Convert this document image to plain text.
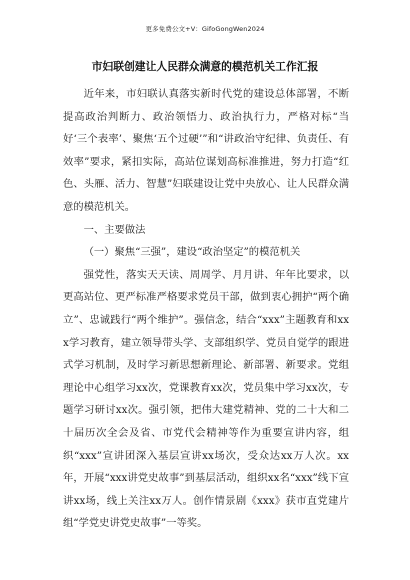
更多免费公文+V：GifoGongWen2024
市妇联创建让人民群众满意的模范机关工作汇报

近年来，市妇联认真落实新时代党的建设总体部署，不断提高政治判断力、政治领悟力、政治执行力，严格对标“当好‘三个表率’、聚焦‘五个过硬’”和“讲政治守纪律、负责任、有效率”要求，紧扣实际，高站位谋划高标准推进，努力打造“红色、头雁、活力、智慧”妇联建设让党中央放心、让人民群众满意的模范机关。

一、主要做法

（一）聚焦“三强”，建设“政治坚定”的模范机关

强党性，落实天天读、周周学、月月讲、年年比要求，以更高站位、更严标准严格要求党员干部，做到衷心拥护“两个确立”、忠诚践行“两个维护”。强信念，结合“xxx”主题教育和xxx学习教育，建立领导带头学、支部组织学、党员自觉学的跟进式学习机制，及时学习新思想新理论、新部署、新要求。党组理论中心组学习xx次，党课教育xx次，党员集中学习xx次，专题学习研讨xx次。强引领，把伟大建党精神、党的二十大和二十届历次全会及省、市党代会精神等作为重要宣讲内容，组织“xxx”宣讲团深入基层宣讲xx场次，受众达xx万人次。xx年，开展“xxx讲党史故事”到基层活动，组织xx名“xxx”线下宣讲xx场，线上关注xx万人。创作情景剧《xxx》获市直党建片组“学党史讲党史故事”一等奖。
